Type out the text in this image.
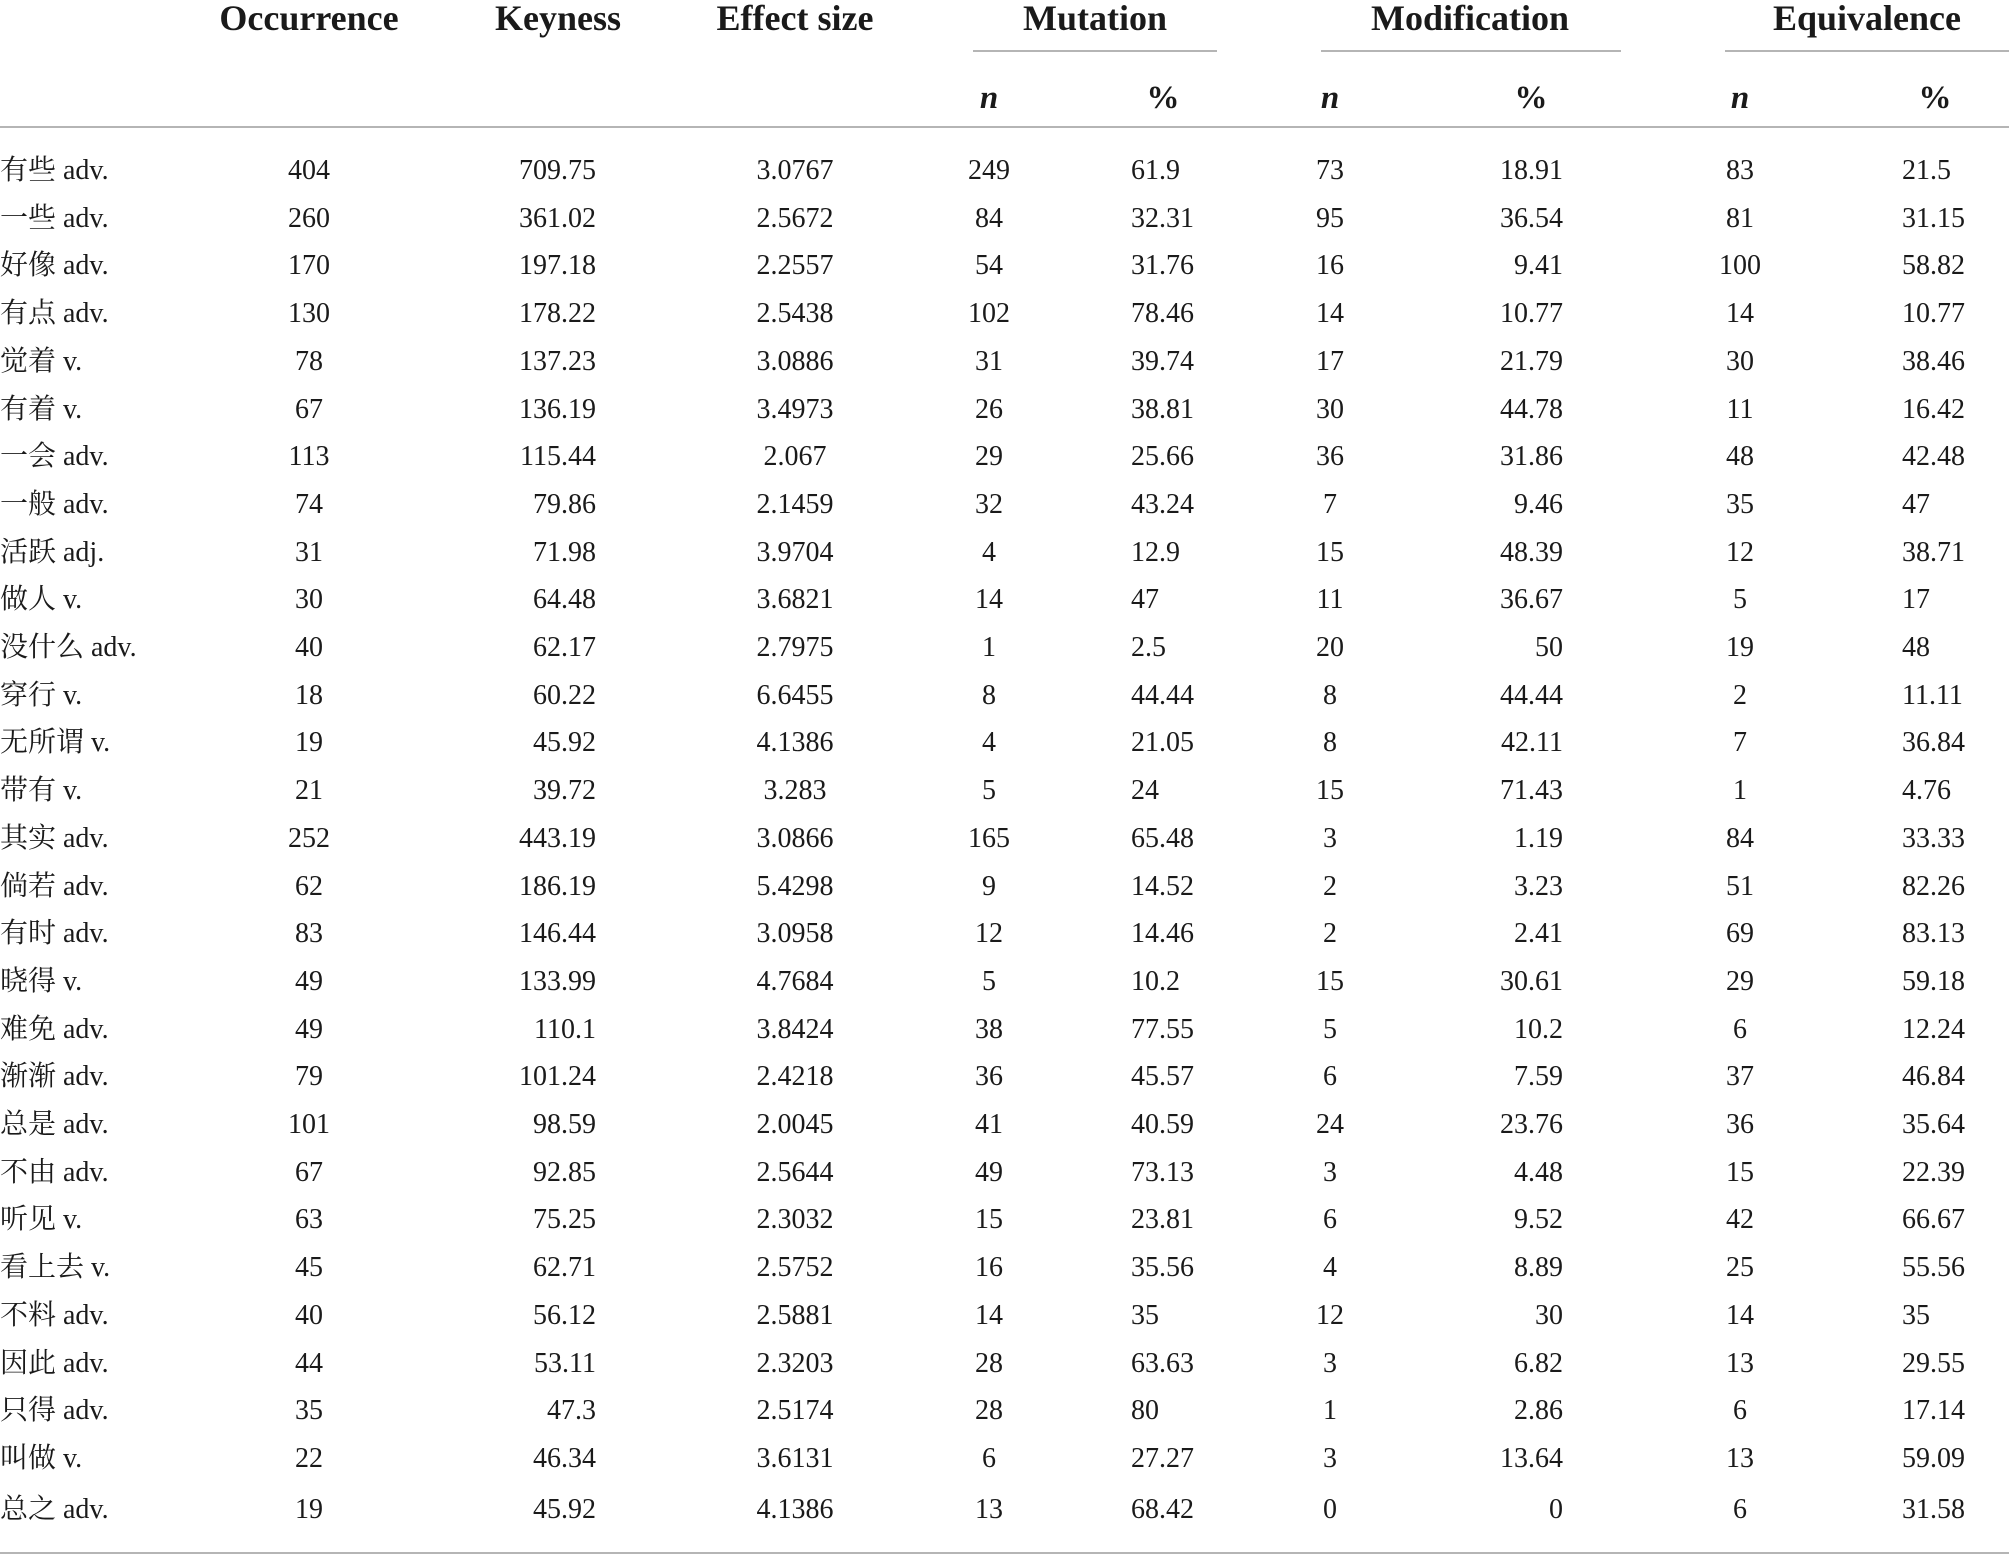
Occurrence	Keyness	Effect size	Mutation	Modification	Equivalence
n	%	n	%	n	%
有些 adv.	404	709.75	3.0767	249	61.9	73	18.91	83	21.5
一些 adv.	260	361.02	2.5672	84	32.31	95	36.54	81	31.15
好像 adv.	170	197.18	2.2557	54	31.76	16	9.41	100	58.82
有点 adv.	130	178.22	2.5438	102	78.46	14	10.77	14	10.77
觉着 v.	78	137.23	3.0886	31	39.74	17	21.79	30	38.46
有着 v.	67	136.19	3.4973	26	38.81	30	44.78	11	16.42
一会 adv.	113	115.44	2.067	29	25.66	36	31.86	48	42.48
一般 adv.	74	79.86	2.1459	32	43.24	7	9.46	35	47
活跃 adj.	31	71.98	3.9704	4	12.9	15	48.39	12	38.71
做人 v.	30	64.48	3.6821	14	47	11	36.67	5	17
没什么 adv.	40	62.17	2.7975	1	2.5	20	50	19	48
穿行 v.	18	60.22	6.6455	8	44.44	8	44.44	2	11.11
无所谓 v.	19	45.92	4.1386	4	21.05	8	42.11	7	36.84
带有 v.	21	39.72	3.283	5	24	15	71.43	1	4.76
其实 adv.	252	443.19	3.0866	165	65.48	3	1.19	84	33.33
倘若 adv.	62	186.19	5.4298	9	14.52	2	3.23	51	82.26
有时 adv.	83	146.44	3.0958	12	14.46	2	2.41	69	83.13
晓得 v.	49	133.99	4.7684	5	10.2	15	30.61	29	59.18
难免 adv.	49	110.1	3.8424	38	77.55	5	10.2	6	12.24
渐渐 adv.	79	101.24	2.4218	36	45.57	6	7.59	37	46.84
总是 adv.	101	98.59	2.0045	41	40.59	24	23.76	36	35.64
不由 adv.	67	92.85	2.5644	49	73.13	3	4.48	15	22.39
听见 v.	63	75.25	2.3032	15	23.81	6	9.52	42	66.67
看上去 v.	45	62.71	2.5752	16	35.56	4	8.89	25	55.56
不料 adv.	40	56.12	2.5881	14	35	12	30	14	35
因此 adv.	44	53.11	2.3203	28	63.63	3	6.82	13	29.55
只得 adv.	35	47.3	2.5174	28	80	1	2.86	6	17.14
叫做 v.	22	46.34	3.6131	6	27.27	3	13.64	13	59.09
总之 adv.	19	45.92	4.1386	13	68.42	0	0	6	31.58
